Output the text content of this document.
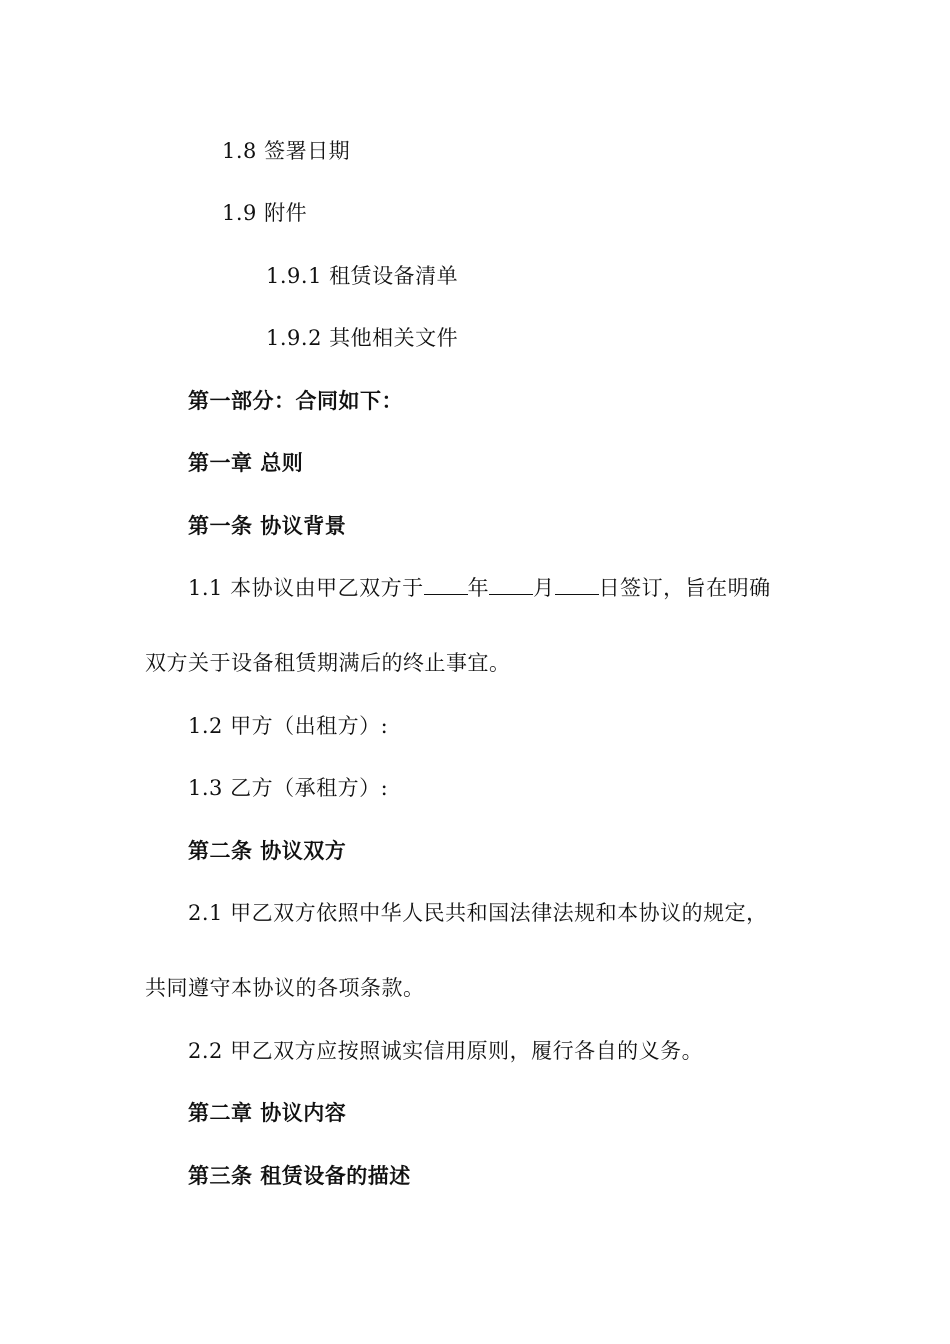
1.8 签署日期
1.9 附件
1.9.1 租赁设备清单
1.9.2 其他相关文件
第一部分：合同如下：
第一章 总则
第一条 协议背景
1.1 本协议由甲乙双方于 年 月 日签订，旨在明确
双方关于设备租赁期满后的终止事宜。
1.2 甲方（出租方）:
1.3 乙方（承租方）:
第二条 协议双方
2.1 甲乙双方依照中华人民共和国法律法规和本协议的规定，
共同遵守本协议的各项条款。
2.2 甲乙双方应按照诚实信用原则，履行各自的义务。
第二章 协议内容
第三条 租赁设备的描述
